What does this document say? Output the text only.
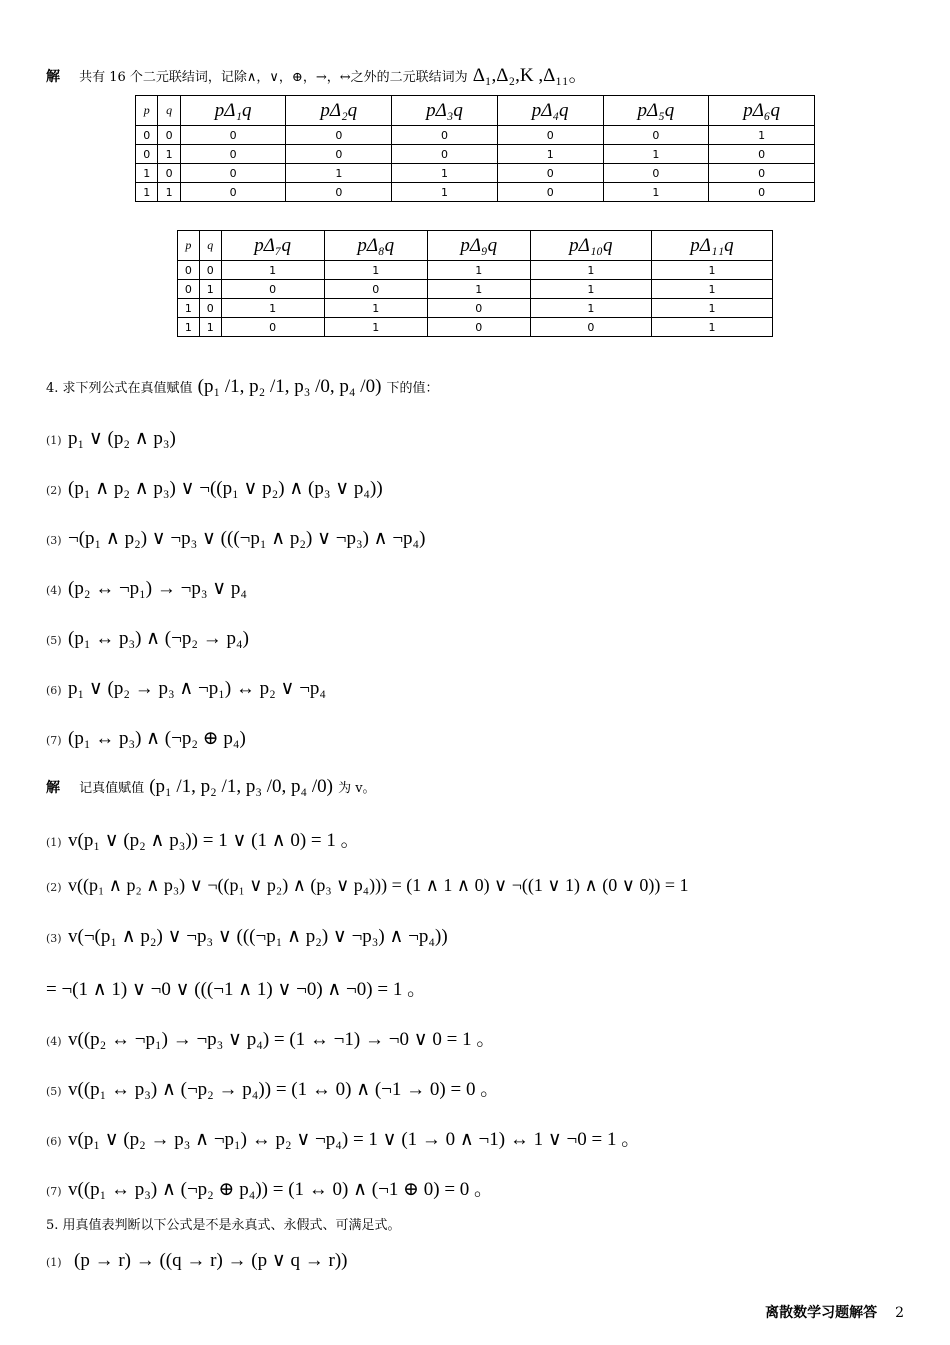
解 共有 16 个二元联结词，记除∧，∨，⊕，→，↔之外的二元联结词为 Δ₁,Δ₂,K ,Δ₁₁。
p	q	pΔ₁q	pΔ₂q	pΔ₃q	pΔ₄q	pΔ₅q	pΔ₆q
0	0	0	0	0	0	0	1
0	1	0	0	0	1	1	0
1	0	0	1	1	0	0	0
1	1	0	0	1	0	1	0
p	q	pΔ₇q	pΔ₈q	pΔ₉q	pΔ₁₀q	pΔ₁₁q
0	0	1	1	1	1	1
0	1	0	0	1	1	1
1	0	1	1	0	1	1
1	1	0	1	0	0	1
4. 求下列公式在真值赋值 (p₁ /1, p₂ /1, p₃ /0, p₄ /0) 下的值：
(1) p₁ ∨ (p₂ ∧ p₃)
(2) (p₁ ∧ p₂ ∧ p₃) ∨ ¬((p₁ ∨ p₂) ∧ (p₃ ∨ p₄))
(3) ¬(p₁ ∧ p₂) ∨ ¬p₃ ∨ (((¬p₁ ∧ p₂) ∨ ¬p₃) ∧ ¬p₄)
(4) (p₂ ↔ ¬p₁) → ¬p₃ ∨ p₄
(5) (p₁ ↔ p₃) ∧ (¬p₂ → p₄)
(6) p₁ ∨ (p₂ → p₃ ∧ ¬p₁) ↔ p₂ ∨ ¬p₄
(7) (p₁ ↔ p₃) ∧ (¬p₂ ⊕ p₄)
解 记真值赋值 (p₁ /1, p₂ /1, p₃ /0, p₄ /0) 为 v。
(1) v(p₁ ∨ (p₂ ∧ p₃)) = 1 ∨ (1 ∧ 0) = 1 。
(2) v((p₁ ∧ p₂ ∧ p₃) ∨ ¬((p₁ ∨ p₂) ∧ (p₃ ∨ p₄))) = (1 ∧ 1 ∧ 0) ∨ ¬((1 ∨ 1) ∧ (0 ∨ 0)) = 1
(3) v(¬(p₁ ∧ p₂) ∨ ¬p₃ ∨ (((¬p₁ ∧ p₂) ∨ ¬p₃) ∧ ¬p₄))
= ¬(1 ∧ 1) ∨ ¬0 ∨ (((¬1 ∧ 1) ∨ ¬0) ∧ ¬0) = 1 。
(4) v((p₂ ↔ ¬p₁) → ¬p₃ ∨ p₄) = (1 ↔ ¬1) → ¬0 ∨ 0 = 1 。
(5) v((p₁ ↔ p₃) ∧ (¬p₂ → p₄)) = (1 ↔ 0) ∧ (¬1 → 0) = 0 。
(6) v(p₁ ∨ (p₂ → p₃ ∧ ¬p₁) ↔ p₂ ∨ ¬p₄) = 1 ∨ (1 → 0 ∧ ¬1) ↔ 1 ∨ ¬0 = 1 。
(7) v((p₁ ↔ p₃) ∧ (¬p₂ ⊕ p₄)) = (1 ↔ 0) ∧ (¬1 ⊕ 0) = 0 。
5. 用真值表判断以下公式是不是永真式、永假式、可满足式。
(1) (p → r) → ((q → r) → (p ∨ q → r))
离散数学习题解答 2
